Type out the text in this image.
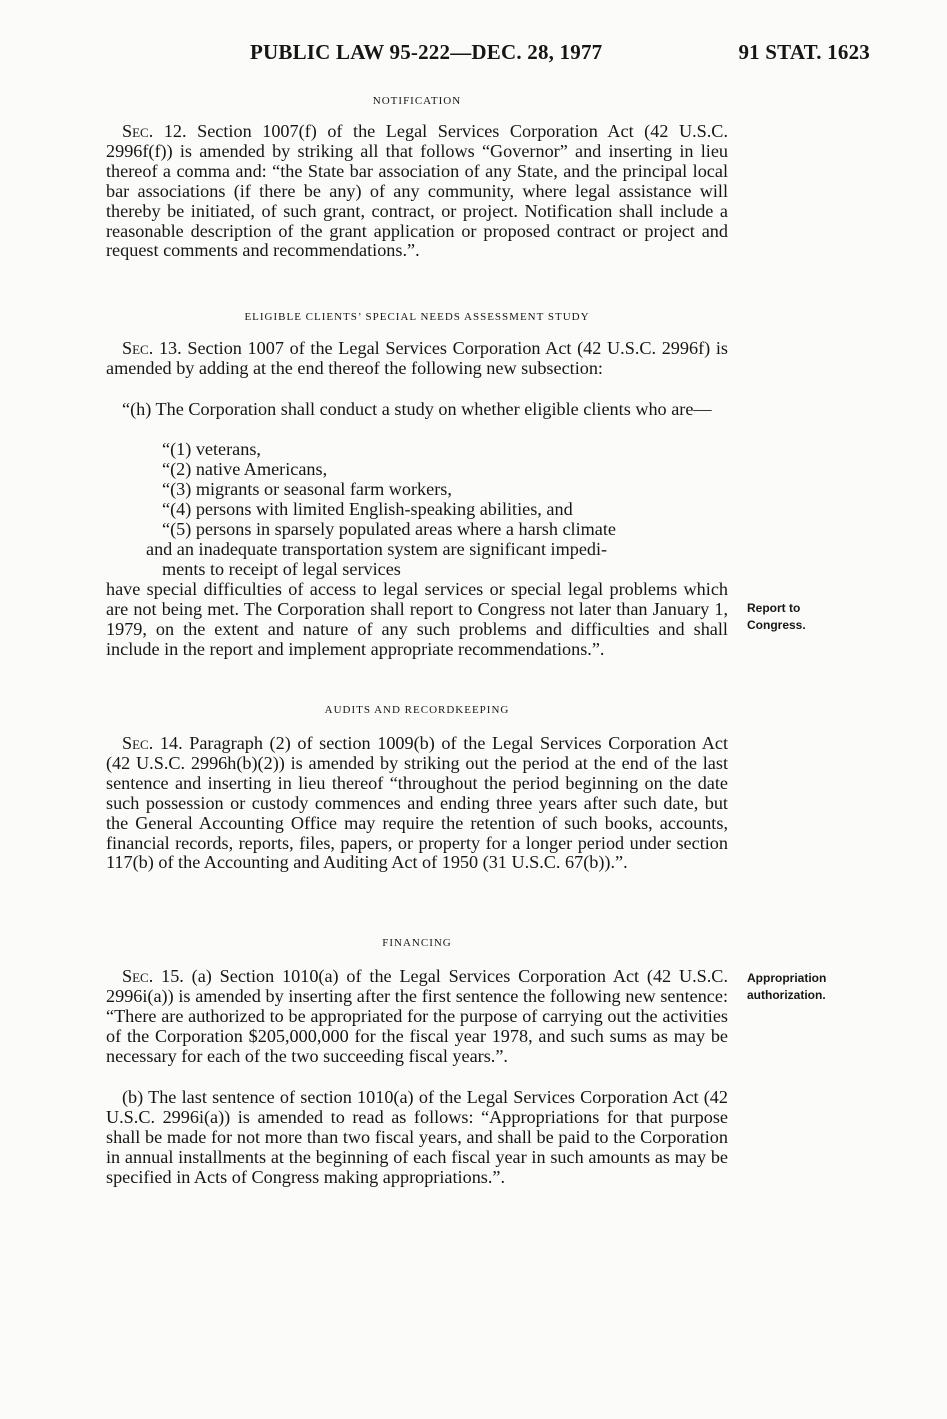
PUBLIC LAW 95-222—DEC. 28, 1977	91 STAT. 1623
NOTIFICATION

Sec. 12. Section 1007(f) of the Legal Services Corporation Act (42 U.S.C. 2996f(f)) is amended by striking all that follows “Governor” and inserting in lieu thereof a comma and: “the State bar association of any State, and the principal local bar associations (if there be any) of any community, where legal assistance will thereby be initiated, of such grant, contract, or project. Notification shall include a reasonable description of the grant application or proposed contract or project and request comments and recommendations.”.

ELIGIBLE CLIENTS’ SPECIAL NEEDS ASSESSMENT STUDY

Sec. 13. Section 1007 of the Legal Services Corporation Act (42 U.S.C. 2996f) is amended by adding at the end thereof the following new subsection:

“(h) The Corporation shall conduct a study on whether eligible clients who are—

“(1) veterans,

“(2) native Americans,

“(3) migrants or seasonal farm workers,

“(4) persons with limited English-speaking abilities, and

“(5) persons in sparsely populated areas where a harsh climate

and an inadequate transportation system are significant impedi-

ments to receipt of legal services

have special difficulties of access to legal services or special legal problems which are not being met. The Corporation shall report to Congress not later than January 1, 1979, on the extent and nature of any such problems and difficulties and shall include in the report and implement appropriate recommendations.”.

Report to
Congress.
AUDITS AND RECORDKEEPING

Sec. 14. Paragraph (2) of section 1009(b) of the Legal Services Corporation Act (42 U.S.C. 2996h(b)(2)) is amended by striking out the period at the end of the last sentence and inserting in lieu thereof “throughout the period beginning on the date such possession or custody commences and ending three years after such date, but the General Accounting Office may require the retention of such books, accounts, financial records, reports, files, papers, or property for a longer period under section 117(b) of the Accounting and Auditing Act of 1950 (31 U.S.C. 67(b)).”.

FINANCING

Sec. 15. (a) Section 1010(a) of the Legal Services Corporation Act (42 U.S.C. 2996i(a)) is amended by inserting after the first sentence the following new sentence: “There are authorized to be appropriated for the purpose of carrying out the activities of the Corporation $205,000,000 for the fiscal year 1978, and such sums as may be necessary for each of the two succeeding fiscal years.”.

(b) The last sentence of section 1010(a) of the Legal Services Corporation Act (42 U.S.C. 2996i(a)) is amended to read as follows: “Appropriations for that purpose shall be made for not more than two fiscal years, and shall be paid to the Corporation in annual installments at the beginning of each fiscal year in such amounts as may be specified in Acts of Congress making appropriations.”.

Appropriation
authorization.
